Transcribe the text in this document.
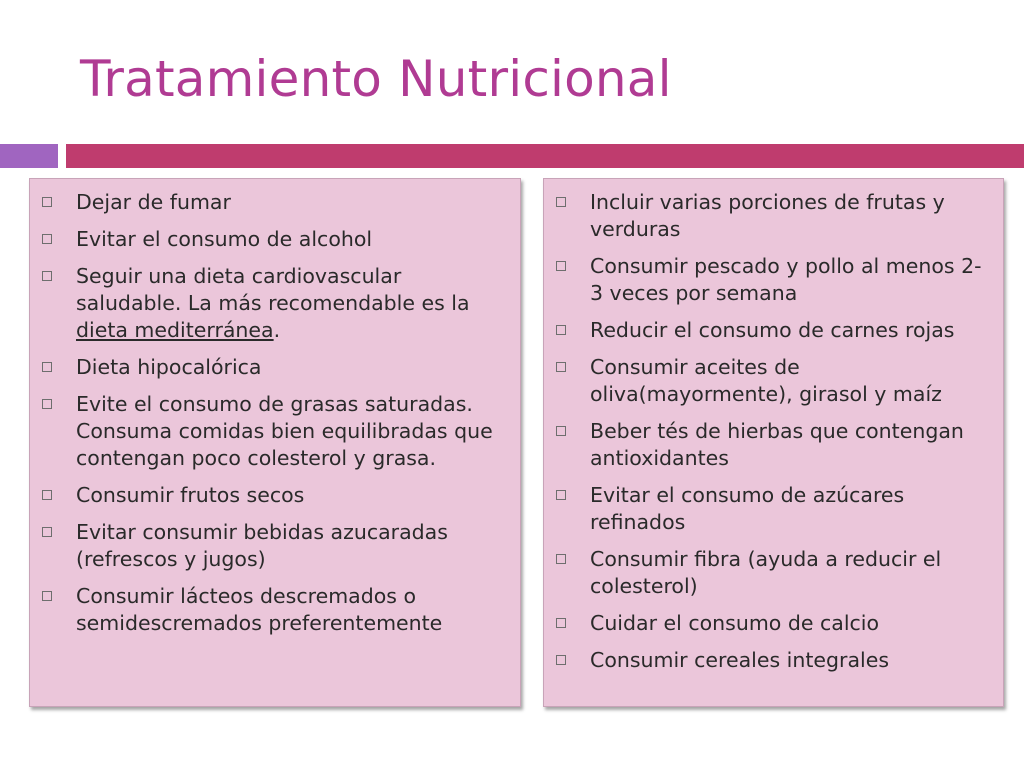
Tratamiento Nutricional
Dejar de fumar
Evitar el consumo de alcohol
Seguir una dieta cardiovascular saludable. La más recomendable es la dieta mediterránea.
Dieta hipocalórica
Evite el consumo de grasas saturadas. Consuma comidas bien equilibradas que contengan poco colesterol y grasa.
Consumir frutos secos
Evitar consumir bebidas azucaradas (refrescos y jugos)
Consumir lácteos descremados o semidescremados preferentemente
Incluir varias porciones de frutas y verduras
Consumir pescado y pollo al menos 2-3 veces por semana
Reducir el consumo de carnes rojas
Consumir aceites de oliva(mayormente), girasol y maíz
Beber tés de hierbas que contengan antioxidantes
Evitar el consumo de azúcares refinados
Consumir fibra (ayuda a reducir el colesterol)
Cuidar el consumo de calcio
Consumir cereales integrales
